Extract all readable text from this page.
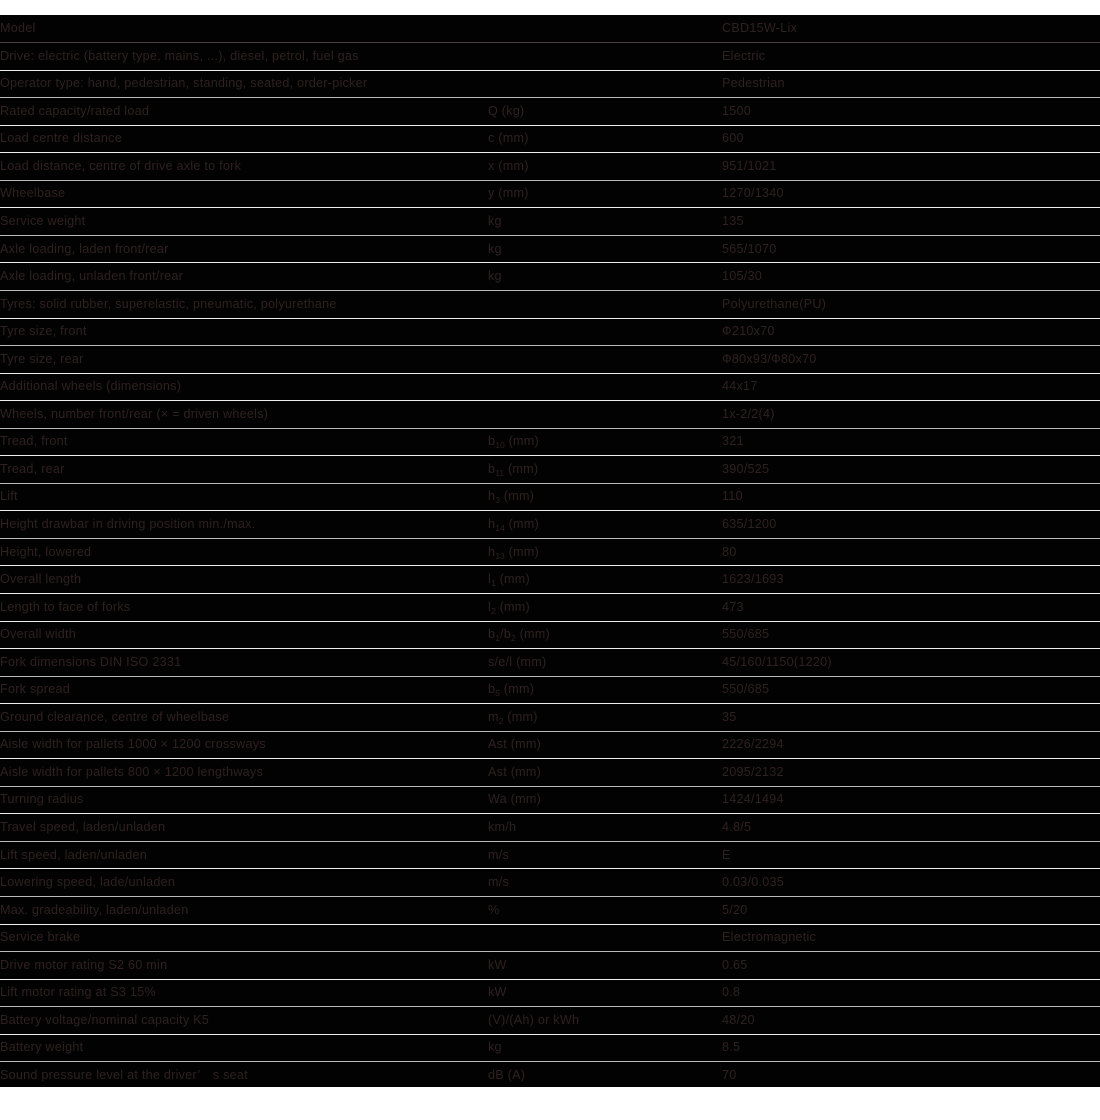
Model		CBD15W-Lix
Drive: electric (battery type, mains, ...), diesel, petrol, fuel gas		Electric
Operator type: hand, pedestrian, standing, seated, order-picker		Pedestrian
Rated capacity/rated load	Q (kg)	1500
Load centre distance	c (mm)	600
Load distance, centre of drive axle to fork	x (mm)	951/1021
Wheelbase	y (mm)	1270/1340
Service weight	kg	135
Axle loading, laden front/rear	kg	565/1070
Axle loading, unladen front/rear	kg	105/30
Tyres: solid rubber, superelastic, pneumatic, polyurethane		Polyurethane(PU)
Tyre size, front		Ф210x70
Tyre size, rear		Ф80x93/Ф80x70
Additional wheels (dimensions)		44x17
Wheels, number front/rear (× = driven wheels)		1x-2/2(4)
Tread, front	$b_{10}$ (mm)	321
Tread, rear	$b_{11}$ (mm)	390/525
Lift	$h_3$ (mm)	110
Height drawbar in driving position min./max.	$h_{14}$ (mm)	635/1200
Height, lowered	$h_{13}$ (mm)	80
Overall length	$l_1$ (mm)	1623/1693
Length to face of forks	$l_2$ (mm)	473
Overall width	$b_1/b_2$ (mm)	550/685
Fork dimensions DIN ISO 2331	s/e/l (mm)	45/160/1150(1220)
Fork spread	$b_5$ (mm)	550/685
Ground clearance, centre of wheelbase	$m_2$ (mm)	35
Aisle width for pallets 1000 × 1200 crossways	Ast (mm)	2226/2294
Aisle width for pallets 800 × 1200 lengthways	Ast (mm)	2095/2132
Turning radius	Wa (mm)	1424/1494
Travel speed, laden/unladen	km/h	4.8/5
Lift speed, laden/unladen	m/s	E
Lowering speed, lade/unladen	m/s	0.03/0.035
Max. gradeability, laden/unladen	%	5/20
Service brake		Electromagnetic
Drive motor rating S2 60 min	kW	0.65
Lift motor rating at S3 15%	kW	0.8
Battery voltage/nominal capacity K5	(V)/(Ah) or kWh	48/20
Battery weight	kg	8.5
Sound pressure level at the driver’　s seat	dB (A)	70
